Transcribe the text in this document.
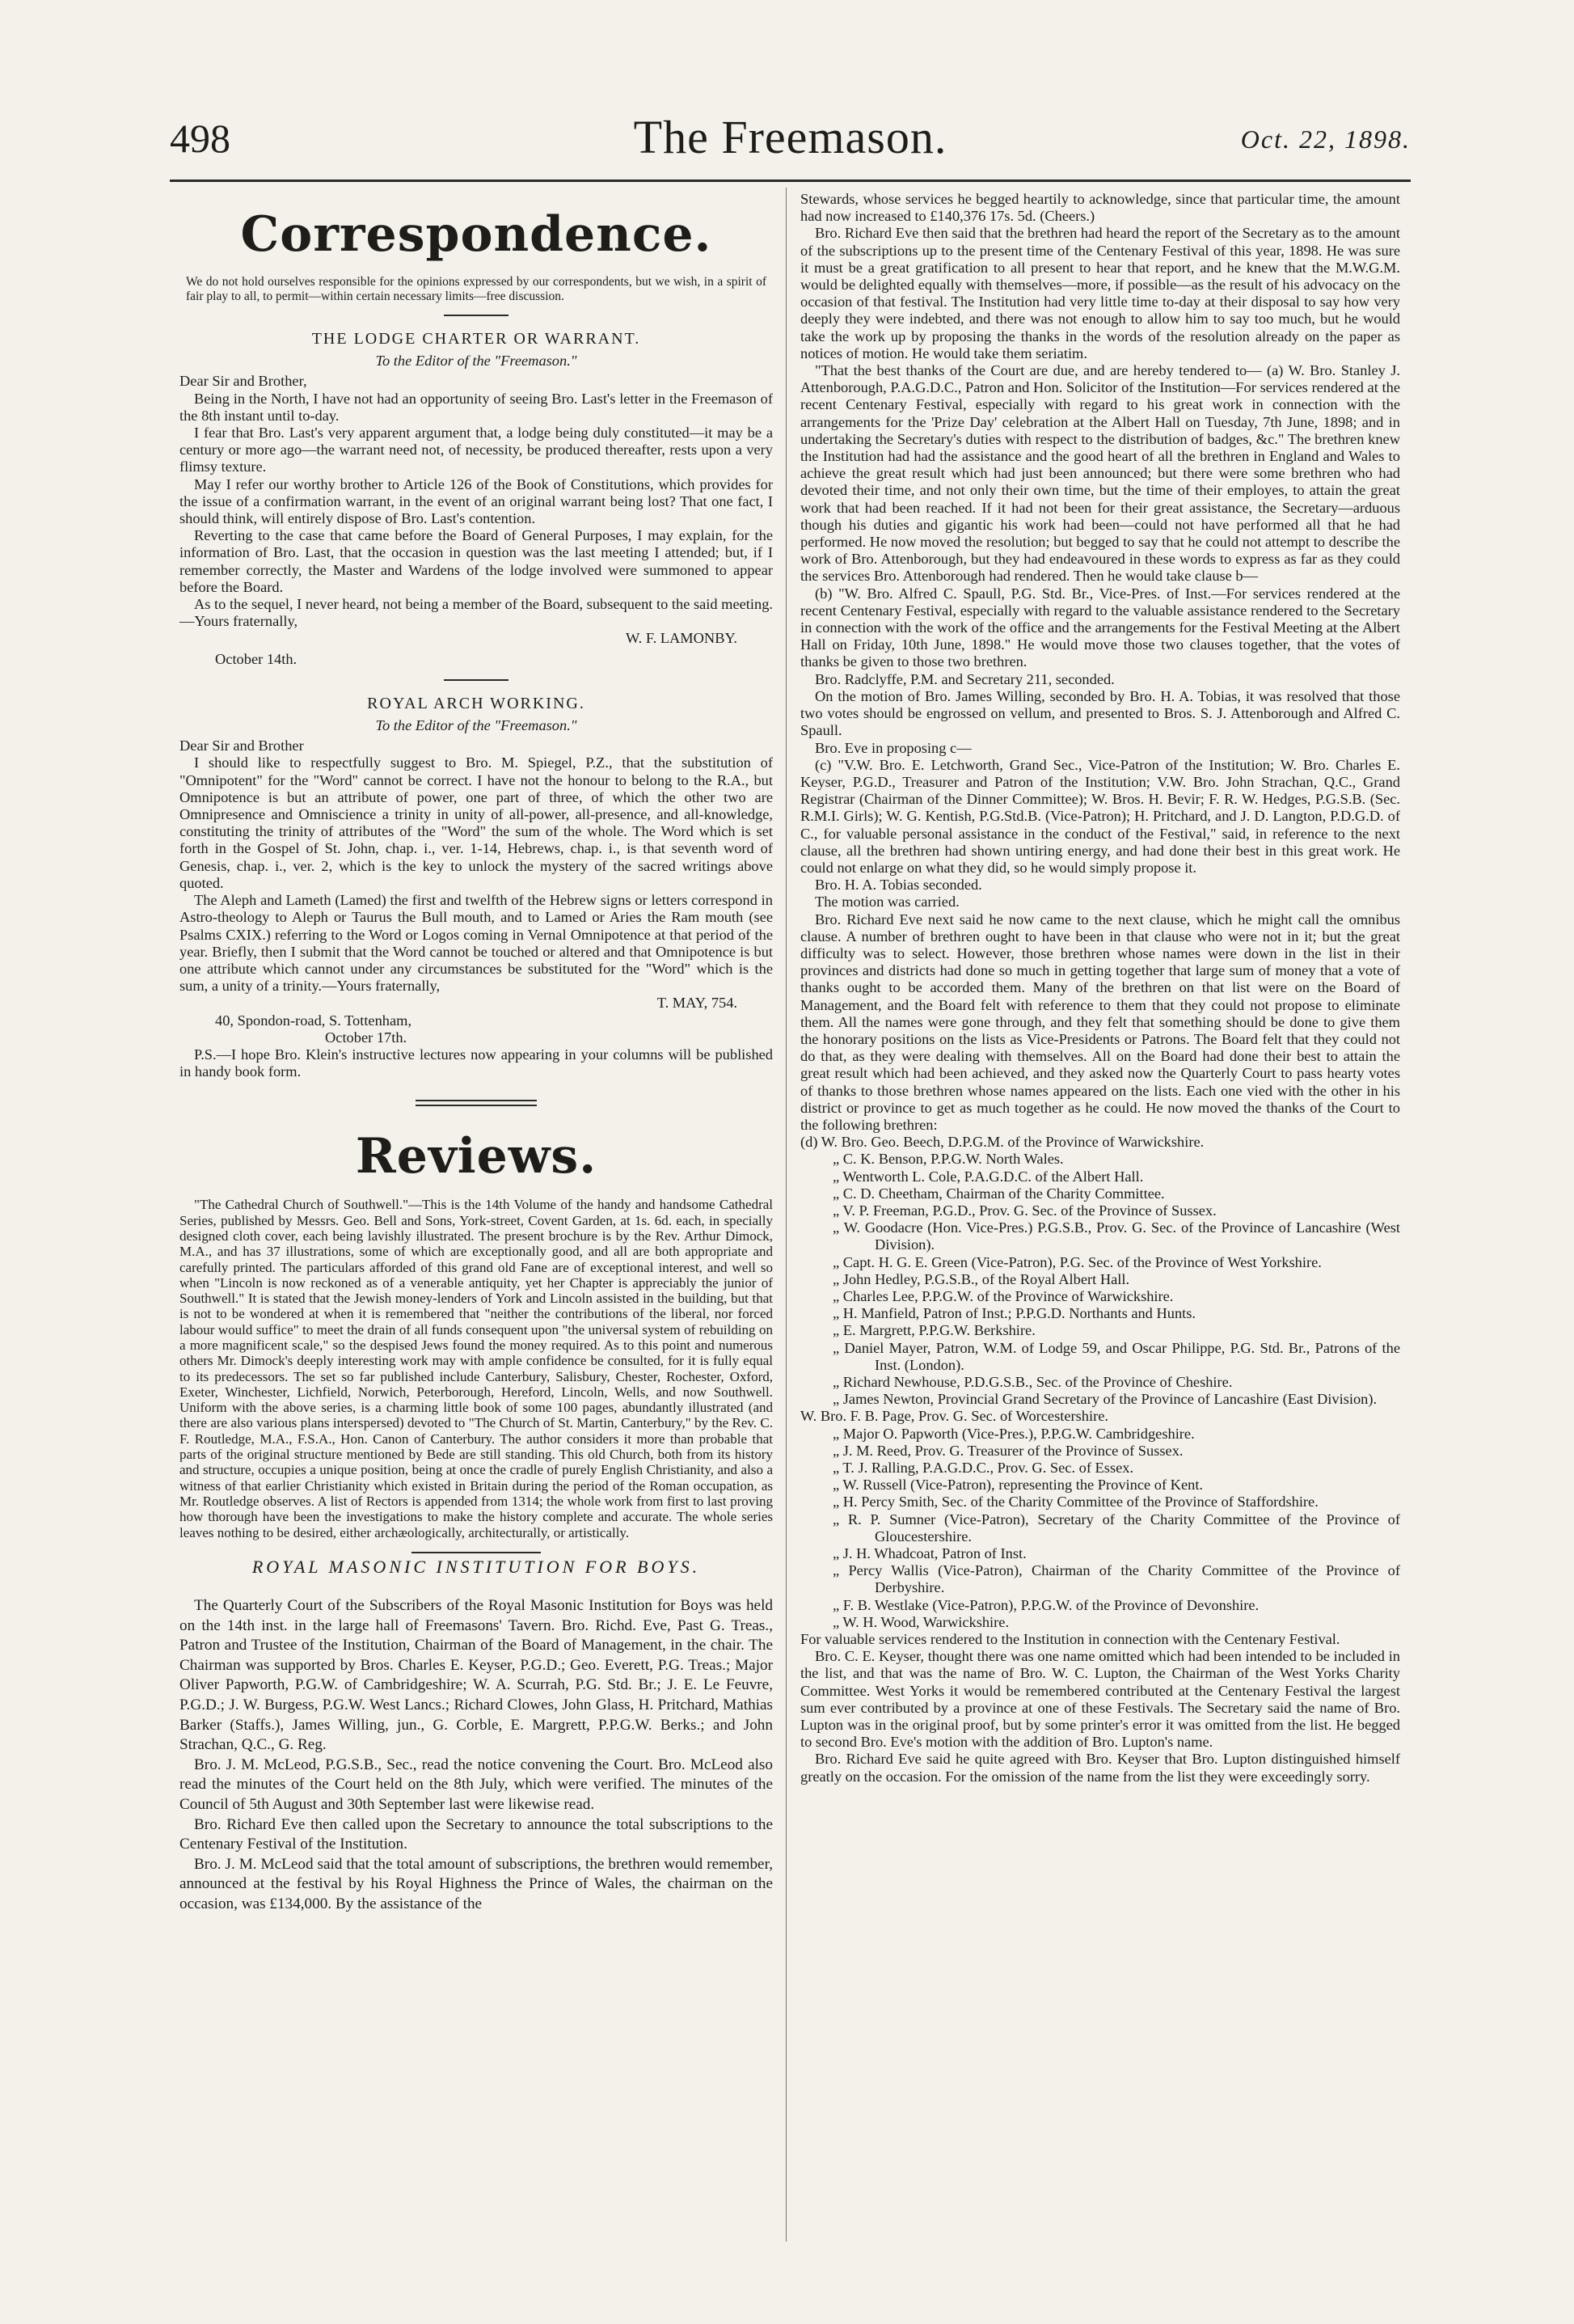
498	The Freemason.	Oct. 22, 1898.
Correspondence.
We do not hold ourselves responsible for the opinions expressed by our correspondents, but we wish, in a spirit of fair play to all, to permit—within certain necessary limits—free discussion.
THE LODGE CHARTER OR WARRANT.
To the Editor of the "Freemason."

Dear Sir and Brother,

Being in the North, I have not had an opportunity of seeing Bro. Last's letter in the Freemason of the 8th instant until to-day.

I fear that Bro. Last's very apparent argument that, a lodge being duly constituted—it may be a century or more ago—the warrant need not, of necessity, be produced thereafter, rests upon a very flimsy texture.

May I refer our worthy brother to Article 126 of the Book of Constitutions, which provides for the issue of a confirmation warrant, in the event of an original warrant being lost? That one fact, I should think, will entirely dispose of Bro. Last's contention.

Reverting to the case that came before the Board of General Purposes, I may explain, for the information of Bro. Last, that the occasion in question was the last meeting I attended; but, if I remember correctly, the Master and Wardens of the lodge involved were summoned to appear before the Board.

As to the sequel, I never heard, not being a member of the Board, subsequent to the said meeting.—Yours fraternally,

W. F. LAMONBY.
October 14th.
ROYAL ARCH WORKING.
To the Editor of the "Freemason."

Dear Sir and Brother

I should like to respectfully suggest to Bro. M. Spiegel, P.Z., that the substitution of "Omnipotent" for the "Word" cannot be correct. I have not the honour to belong to the R.A., but Omnipotence is but an attribute of power, one part of three, of which the other two are Omnipresence and Omniscience a trinity in unity of all-power, all-presence, and all-knowledge, constituting the trinity of attributes of the "Word" the sum of the whole. The Word which is set forth in the Gospel of St. John, chap. i., ver. 1-14, Hebrews, chap. i., is that seventh word of Genesis, chap. i., ver. 2, which is the key to unlock the mystery of the sacred writings above quoted.

The Aleph and Lameth (Lamed) the first and twelfth of the Hebrew signs or letters correspond in Astro-theology to Aleph or Taurus the Bull mouth, and to Lamed or Aries the Ram mouth (see Psalms CXIX.) referring to the Word or Logos coming in Vernal Omnipotence at that period of the year. Briefly, then I submit that the Word cannot be touched or altered and that Omnipotence is but one attribute which cannot under any circumstances be substituted for the "Word" which is the sum, a unity of a trinity.—Yours fraternally,

T. MAY, 754.
40, Spondon-road, S. Tottenham,
October 17th.

P.S.—I hope Bro. Klein's instructive lectures now appearing in your columns will be published in handy book form.

Reviews.

"The Cathedral Church of Southwell."—This is the 14th Volume of the handy and handsome Cathedral Series, published by Messrs. Geo. Bell and Sons, York-street, Covent Garden, at 1s. 6d. each, in specially designed cloth cover, each being lavishly illustrated. The present brochure is by the Rev. Arthur Dimock, M.A., and has 37 illustrations, some of which are exceptionally good, and all are both appropriate and carefully printed. The particulars afforded of this grand old Fane are of exceptional interest, and well so when "Lincoln is now reckoned as of a venerable antiquity, yet her Chapter is appreciably the junior of Southwell." It is stated that the Jewish money-lenders of York and Lincoln assisted in the building, but that is not to be wondered at when it is remembered that "neither the contributions of the liberal, nor forced labour would suffice" to meet the drain of all funds consequent upon "the universal system of rebuilding on a more magnificent scale," so the despised Jews found the money required. As to this point and numerous others Mr. Dimock's deeply interesting work may with ample confidence be consulted, for it is fully equal to its predecessors. The set so far published include Canterbury, Salisbury, Chester, Rochester, Oxford, Exeter, Winchester, Lichfield, Norwich, Peterborough, Hereford, Lincoln, Wells, and now Southwell. Uniform with the above series, is a charming little book of some 100 pages, abundantly illustrated (and there are also various plans interspersed) devoted to "The Church of St. Martin, Canterbury," by the Rev. C. F. Routledge, M.A., F.S.A., Hon. Canon of Canterbury. The author considers it more than probable that parts of the original structure mentioned by Bede are still standing. This old Church, both from its history and structure, occupies a unique position, being at once the cradle of purely English Christianity, and also a witness of that earlier Christianity which existed in Britain during the period of the Roman occupation, as Mr. Routledge observes. A list of Rectors is appended from 1314; the whole work from first to last proving how thorough have been the investigations to make the history complete and accurate. The whole series leaves nothing to be desired, either archæologically, architecturally, or artistically.

ROYAL MASONIC INSTITUTION FOR BOYS.

The Quarterly Court of the Subscribers of the Royal Masonic Institution for Boys was held on the 14th inst. in the large hall of Freemasons' Tavern. Bro. Richd. Eve, Past G. Treas., Patron and Trustee of the Institution, Chairman of the Board of Management, in the chair. The Chairman was supported by Bros. Charles E. Keyser, P.G.D.; Geo. Everett, P.G. Treas.; Major Oliver Papworth, P.G.W. of Cambridgeshire; W. A. Scurrah, P.G. Std. Br.; J. E. Le Feuvre, P.G.D.; J. W. Burgess, P.G.W. West Lancs.; Richard Clowes, John Glass, H. Pritchard, Mathias Barker (Staffs.), James Willing, jun., G. Corble, E. Margrett, P.P.G.W. Berks.; and John Strachan, Q.C., G. Reg.

Bro. J. M. McLeod, P.G.S.B., Sec., read the notice convening the Court. Bro. McLeod also read the minutes of the Court held on the 8th July, which were verified. The minutes of the Council of 5th August and 30th September last were likewise read.

Bro. Richard Eve then called upon the Secretary to announce the total subscriptions to the Centenary Festival of the Institution.

Bro. J. M. McLeod said that the total amount of subscriptions, the brethren would remember, announced at the festival by his Royal Highness the Prince of Wales, the chairman on the occasion, was £134,000. By the assistance of the

Stewards, whose services he begged heartily to acknowledge, since that particular time, the amount had now increased to £140,376 17s. 5d. (Cheers.)

Bro. Richard Eve then said that the brethren had heard the report of the Secretary as to the amount of the subscriptions up to the present time of the Centenary Festival of this year, 1898. He was sure it must be a great gratification to all present to hear that report, and he knew that the M.W.G.M. would be delighted equally with themselves—more, if possible—as the result of his advocacy on the occasion of that festival. The Institution had very little time to-day at their disposal to say how very deeply they were indebted, and there was not enough to allow him to say too much, but he would take the work up by proposing the thanks in the words of the resolution already on the paper as notices of motion. He would take them seriatim.

"That the best thanks of the Court are due, and are hereby tendered to— (a) W. Bro. Stanley J. Attenborough, P.A.G.D.C., Patron and Hon. Solicitor of the Institution—For services rendered at the recent Centenary Festival, especially with regard to his great work in connection with the arrangements for the 'Prize Day' celebration at the Albert Hall on Tuesday, 7th June, 1898; and in undertaking the Secretary's duties with respect to the distribution of badges, &c." The brethren knew the Institution had had the assistance and the good heart of all the brethren in England and Wales to achieve the great result which had just been announced; but there were some brethren who had devoted their time, and not only their own time, but the time of their employes, to attain the great work that had been reached. If it had not been for their great assistance, the Secretary—arduous though his duties and gigantic his work had been—could not have performed all that he had performed. He now moved the resolution; but begged to say that he could not attempt to describe the work of Bro. Attenborough, but they had endeavoured in these words to express as far as they could the services Bro. Attenborough had rendered. Then he would take clause b—

(b) "W. Bro. Alfred C. Spaull, P.G. Std. Br., Vice-Pres. of Inst.—For services rendered at the recent Centenary Festival, especially with regard to the valuable assistance rendered to the Secretary in connection with the work of the office and the arrangements for the Festival Meeting at the Albert Hall on Friday, 10th June, 1898." He would move those two clauses together, that the votes of thanks be given to those two brethren.

Bro. Radclyffe, P.M. and Secretary 211, seconded.

On the motion of Bro. James Willing, seconded by Bro. H. A. Tobias, it was resolved that those two votes should be engrossed on vellum, and presented to Bros. S. J. Attenborough and Alfred C. Spaull.

Bro. Eve in proposing c—

(c) "V.W. Bro. E. Letchworth, Grand Sec., Vice-Patron of the Institution; W. Bro. Charles E. Keyser, P.G.D., Treasurer and Patron of the Institution; V.W. Bro. John Strachan, Q.C., Grand Registrar (Chairman of the Dinner Committee); W. Bros. H. Bevir; F. R. W. Hedges, P.G.S.B. (Sec. R.M.I. Girls); W. G. Kentish, P.G.Std.B. (Vice-Patron); H. Pritchard, and J. D. Langton, P.D.G.D. of C., for valuable personal assistance in the conduct of the Festival," said, in reference to the next clause, all the brethren had shown untiring energy, and had done their best in this great work. He could not enlarge on what they did, so he would simply propose it.

Bro. H. A. Tobias seconded.

The motion was carried.

Bro. Richard Eve next said he now came to the next clause, which he might call the omnibus clause. A number of brethren ought to have been in that clause who were not in it; but the great difficulty was to select. However, those brethren whose names were down in the list in their provinces and districts had done so much in getting together that large sum of money that a vote of thanks ought to be accorded them. Many of the brethren on that list were on the Board of Management, and the Board felt with reference to them that they could not propose to eliminate them. All the names were gone through, and they felt that something should be done to give them the honorary positions on the lists as Vice-Presidents or Patrons. The Board felt that they could not do that, as they were dealing with themselves. All on the Board had done their best to attain the great result which had been achieved, and they asked now the Quarterly Court to pass hearty votes of thanks to those brethren whose names appeared on the lists. Each one vied with the other in his district or province to get as much together as he could. He now moved the thanks of the Court to the following brethren:

(d) W. Bro. Geo. Beech, D.P.G.M. of the Province of Warwickshire.
„ C. K. Benson, P.P.G.W. North Wales.
„ Wentworth L. Cole, P.A.G.D.C. of the Albert Hall.
„ C. D. Cheetham, Chairman of the Charity Committee.
„ V. P. Freeman, P.G.D., Prov. G. Sec. of the Province of Sussex.
„ W. Goodacre (Hon. Vice-Pres.) P.G.S.B., Prov. G. Sec. of the Province of Lancashire (West Division).
„ Capt. H. G. E. Green (Vice-Patron), P.G. Sec. of the Province of West Yorkshire.
„ John Hedley, P.G.S.B., of the Royal Albert Hall.
„ Charles Lee, P.P.G.W. of the Province of Warwickshire.
„ H. Manfield, Patron of Inst.; P.P.G.D. Northants and Hunts.
„ E. Margrett, P.P.G.W. Berkshire.
„ Daniel Mayer, Patron, W.M. of Lodge 59, and Oscar Philippe, P.G. Std. Br., Patrons of the Inst. (London).
„ Richard Newhouse, P.D.G.S.B., Sec. of the Province of Cheshire.
„ James Newton, Provincial Grand Secretary of the Province of Lancashire (East Division).
W. Bro. F. B. Page, Prov. G. Sec. of Worcestershire.
„ Major O. Papworth (Vice-Pres.), P.P.G.W. Cambridgeshire.
„ J. M. Reed, Prov. G. Treasurer of the Province of Sussex.
„ T. J. Ralling, P.A.G.D.C., Prov. G. Sec. of Essex.
„ W. Russell (Vice-Patron), representing the Province of Kent.
„ H. Percy Smith, Sec. of the Charity Committee of the Province of Staffordshire.
„ R. P. Sumner (Vice-Patron), Secretary of the Charity Committee of the Province of Gloucestershire.
„ J. H. Whadcoat, Patron of Inst.
„ Percy Wallis (Vice-Patron), Chairman of the Charity Committee of the Province of Derbyshire.
„ F. B. Westlake (Vice-Patron), P.P.G.W. of the Province of Devonshire.
„ W. H. Wood, Warwickshire.

For valuable services rendered to the Institution in connection with the Centenary Festival.

Bro. C. E. Keyser, thought there was one name omitted which had been intended to be included in the list, and that was the name of Bro. W. C. Lupton, the Chairman of the West Yorks Charity Committee. West Yorks it would be remembered contributed at the Centenary Festival the largest sum ever contributed by a province at one of these Festivals. The Secretary said the name of Bro. Lupton was in the original proof, but by some printer's error it was omitted from the list. He begged to second Bro. Eve's motion with the addition of Bro. Lupton's name.

Bro. Richard Eve said he quite agreed with Bro. Keyser that Bro. Lupton distinguished himself greatly on the occasion. For the omission of the name from the list they were exceedingly sorry.
